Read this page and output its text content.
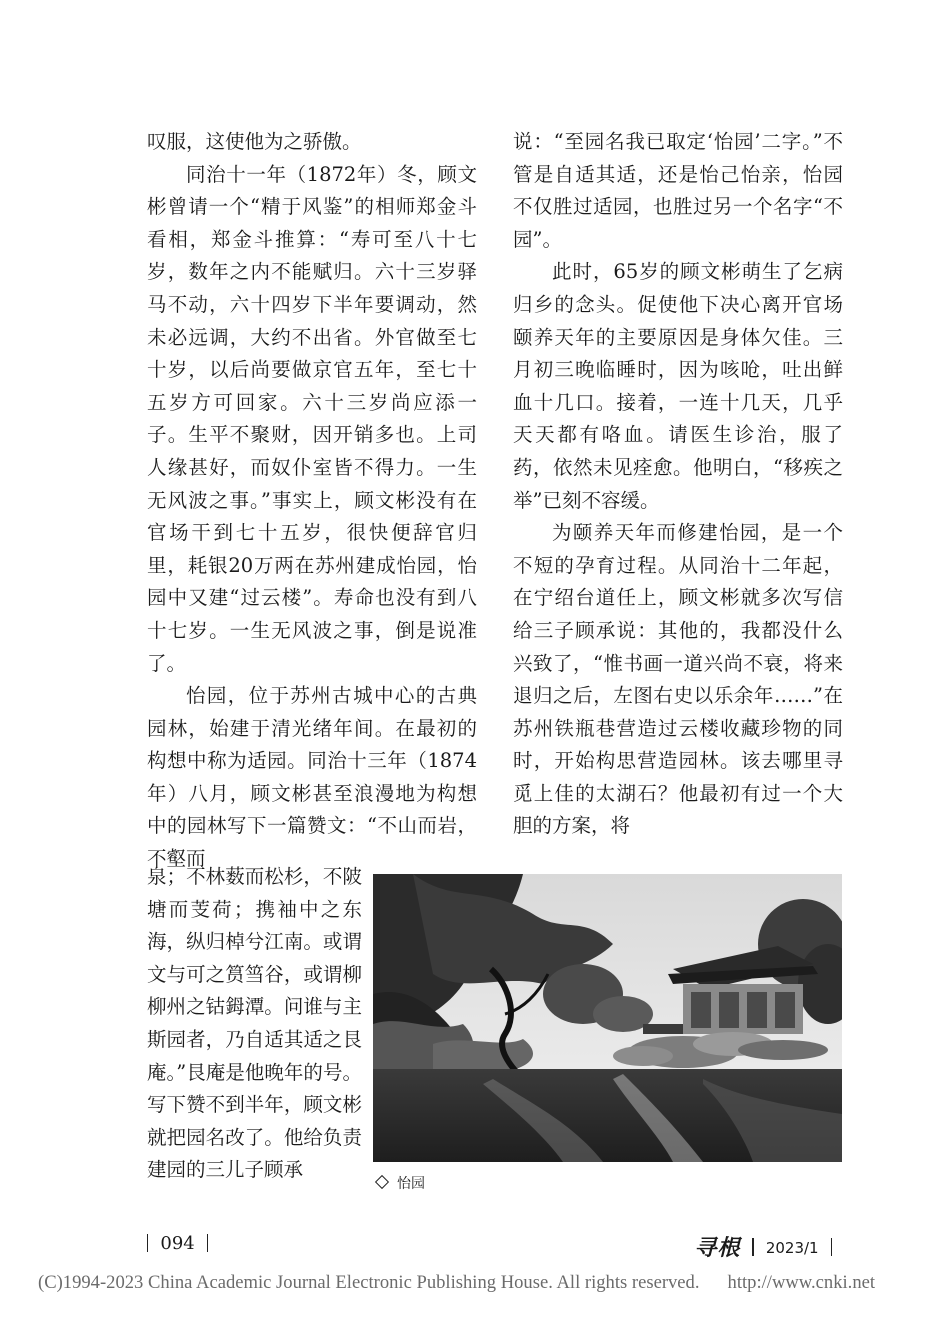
叹服，这使他为之骄傲。

同治十一年（1872年）冬，顾文彬曾请一个“精于风鉴”的相师郑金斗看相，郑金斗推算：“寿可至八十七岁，数年之内不能赋归。六十三岁驿马不动，六十四岁下半年要调动，然未必远调，大约不出省。外官做至七十岁，以后尚要做京官五年，至七十五岁方可回家。六十三岁尚应添一子。生平不聚财，因开销多也。上司人缘甚好，而奴仆室皆不得力。一生无风波之事。”事实上，顾文彬没有在官场干到七十五岁，很快便辞官归里，耗银20万两在苏州建成怡园，怡园中又建“过云楼”。寿命也没有到八十七岁。一生无风波之事，倒是说准了。

怡园，位于苏州古城中心的古典园林，始建于清光绪年间。在最初的构想中称为适园。同治十三年（1874年）八月，顾文彬甚至浪漫地为构想中的园林写下一篇赞文：“不山而岩，不壑而

泉；不林薮而松杉，不陂塘而芰荷；携袖中之东海，纵归棹兮江南。或谓文与可之筼筜谷，或谓柳柳州之钴鉧潭。问谁与主斯园者，乃自适其适之艮庵。”艮庵是他晚年的号。写下赞不到半年，顾文彬就把园名改了。他给负责建园的三儿子顾承

说：“至园名我已取定‘怡园’二字。”不管是自适其适，还是怡己怡亲，怡园不仅胜过适园，也胜过另一个名字“不园”。

此时，65岁的顾文彬萌生了乞病归乡的念头。促使他下决心离开官场颐养天年的主要原因是身体欠佳。三月初三晚临睡时，因为咳呛，吐出鲜血十几口。接着，一连十几天，几乎天天都有咯血。请医生诊治，服了药，依然未见痊愈。他明白，“移疾之举”已刻不容缓。

为颐养天年而修建怡园，是一个不短的孕育过程。从同治十二年起，在宁绍台道任上，顾文彬就多次写信给三子顾承说：其他的，我都没什么兴致了，“惟书画一道兴尚不衰，将来退归之后，左图右史以乐余年……”在苏州铁瓶巷营造过云楼收藏珍物的同时，开始构思营造园林。该去哪里寻觅上佳的太湖石？他最初有过一个大胆的方案，将

怡园
094	寻根 2023/1
(C)1994-2023 China Academic Journal Electronic Publishing House. All rights reserved. http://www.cnki.net
